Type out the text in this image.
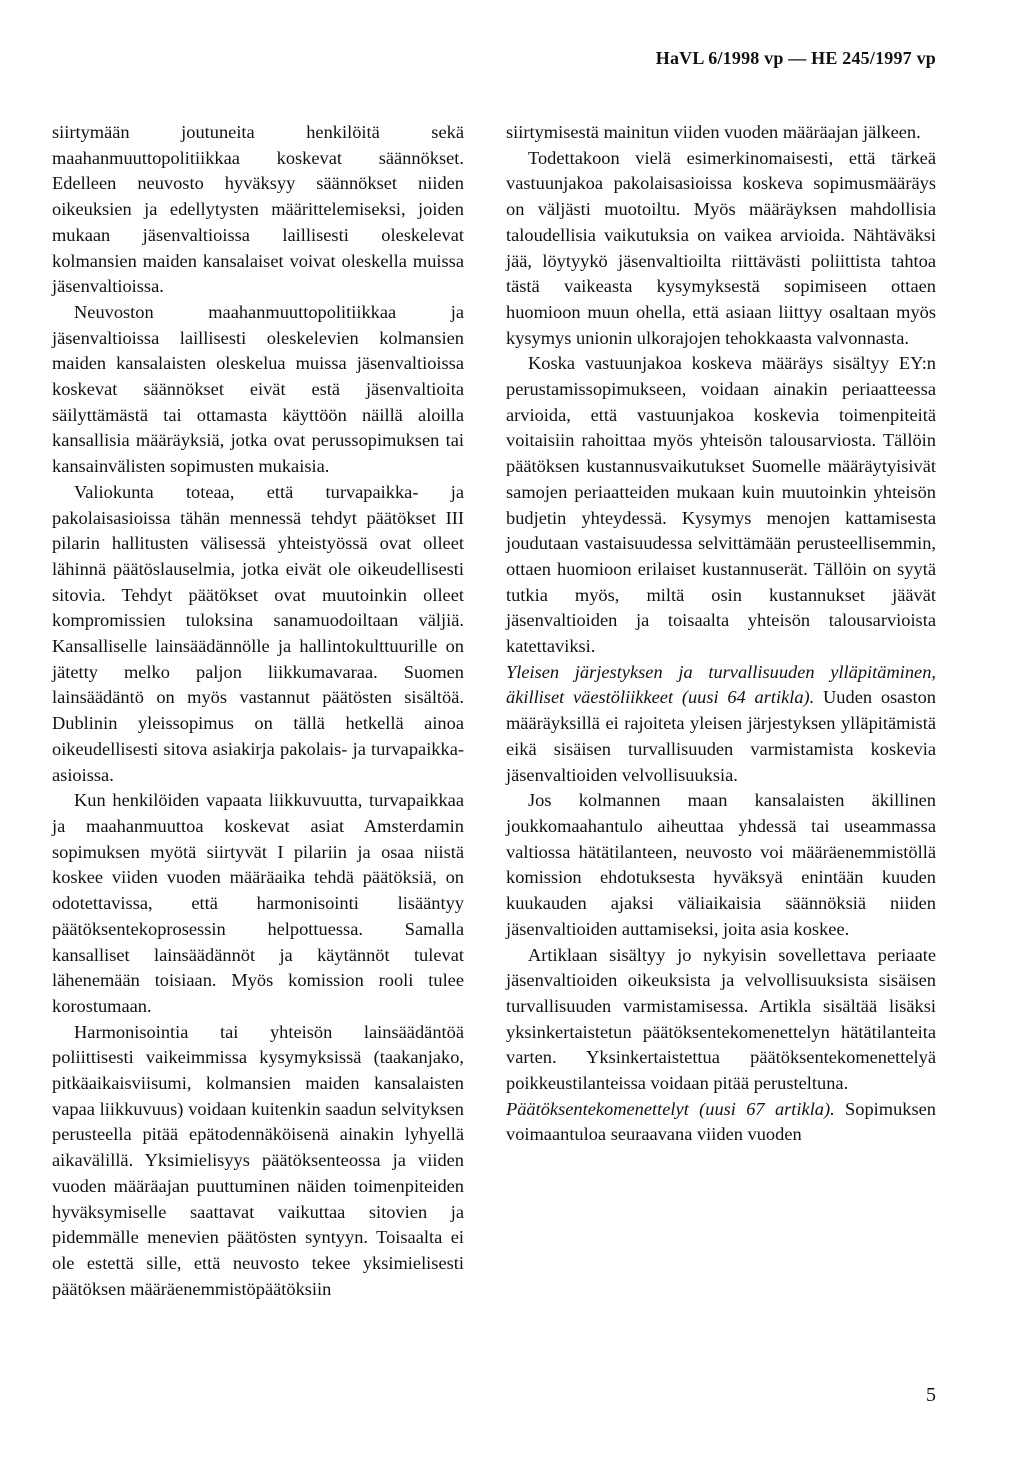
HaVL 6/1998 vp — HE 245/1997 vp

siirtymään joutuneita henkilöitä sekä maahanmuuttopolitiikkaa koskevat säännökset. Edelleen neuvosto hyväksyy säännökset niiden oikeuksien ja edellytysten määrittelemiseksi, joiden mukaan jäsenvaltioissa laillisesti oleskelevat kolmansien maiden kansalaiset voivat oleskella muissa jäsenvaltioissa.

Neuvoston maahanmuuttopolitiikkaa ja jäsenvaltioissa laillisesti oleskelevien kolmansien maiden kansalaisten oleskelua muissa jäsenvaltioissa koskevat säännökset eivät estä jäsenvaltioita säilyttämästä tai ottamasta käyttöön näillä aloilla kansallisia määräyksiä, jotka ovat perussopimuksen tai kansainvälisten sopimusten mukaisia.

Valiokunta toteaa, että turvapaikka- ja pakolaisasioissa tähän mennessä tehdyt päätökset III pilarin hallitusten välisessä yhteistyössä ovat olleet lähinnä päätöslauselmia, jotka eivät ole oikeudellisesti sitovia. Tehdyt päätökset ovat muutoinkin olleet kompromissien tuloksina sanamuodoiltaan väljiä. Kansalliselle lainsäädännölle ja hallintokulttuurille on jätetty melko paljon liikkumavaraa. Suomen lainsäädäntö on myös vastannut päätösten sisältöä. Dublinin yleissopimus on tällä hetkellä ainoa oikeudellisesti sitova asiakirja pakolais- ja turvapaikka-asioissa.

Kun henkilöiden vapaata liikkuvuutta, turvapaikkaa ja maahanmuuttoa koskevat asiat Amsterdamin sopimuksen myötä siirtyvät I pilariin ja osaa niistä koskee viiden vuoden määräaika tehdä päätöksiä, on odotettavissa, että harmonisointi lisääntyy päätöksentekoprosessin helpottuessa. Samalla kansalliset lainsäädännöt ja käytännöt tulevat lähenemään toisiaan. Myös komission rooli tulee korostumaan.

Harmonisointia tai yhteisön lainsäädäntöä poliittisesti vaikeimmissa kysymyksissä (taakanjako, pitkäaikaisviisumi, kolmansien maiden kansalaisten vapaa liikkuvuus) voidaan kuitenkin saadun selvityksen perusteella pitää epätodennäköisenä ainakin lyhyellä aikavälillä. Yksimielisyys päätöksenteossa ja viiden vuoden määräajan puuttuminen näiden toimenpiteiden hyväksymiselle saattavat vaikuttaa sitovien ja pidemmälle menevien päätösten syntyyn. Toisaalta ei ole estettä sille, että neuvosto tekee yksimielisesti päätöksen määräenemmistöpäätöksiin

siirtymisestä mainitun viiden vuoden määräajan jälkeen.

Todettakoon vielä esimerkinomaisesti, että tärkeä vastuunjakoa pakolaisasioissa koskeva sopimusmääräys on väljästi muotoiltu. Myös määräyksen mahdollisia taloudellisia vaikutuksia on vaikea arvioida. Nähtäväksi jää, löytyykö jäsenvaltioilta riittävästi poliittista tahtoa tästä vaikeasta kysymyksestä sopimiseen ottaen huomioon muun ohella, että asiaan liittyy osaltaan myös kysymys unionin ulkorajojen tehokkaasta valvonnasta.

Koska vastuunjakoa koskeva määräys sisältyy EY:n perustamissopimukseen, voidaan ainakin periaatteessa arvioida, että vastuunjakoa koskevia toimenpiteitä voitaisiin rahoittaa myös yhteisön talousarviosta. Tällöin päätöksen kustannusvaikutukset Suomelle määräytyisivät samojen periaatteiden mukaan kuin muutoinkin yhteisön budjetin yhteydessä. Kysymys menojen kattamisesta joudutaan vastaisuudessa selvittämään perusteellisemmin, ottaen huomioon erilaiset kustannuserät. Tällöin on syytä tutkia myös, miltä osin kustannukset jäävät jäsenvaltioiden ja toisaalta yhteisön talousarvioista katettaviksi.

Yleisen järjestyksen ja turvallisuuden ylläpitäminen, äkilliset väestöliikkeet (uusi 64 artikla). Uuden osaston määräyksillä ei rajoiteta yleisen järjestyksen ylläpitämistä eikä sisäisen turvallisuuden varmistamista koskevia jäsenvaltioiden velvollisuuksia.

Jos kolmannen maan kansalaisten äkillinen joukkomaahantulo aiheuttaa yhdessä tai useammassa valtiossa hätätilanteen, neuvosto voi määräenemmistöllä komission ehdotuksesta hyväksyä enintään kuuden kuukauden ajaksi väliaikaisia säännöksiä niiden jäsenvaltioiden auttamiseksi, joita asia koskee.

Artiklaan sisältyy jo nykyisin sovellettava periaate jäsenvaltioiden oikeuksista ja velvollisuuksista sisäisen turvallisuuden varmistamisessa. Artikla sisältää lisäksi yksinkertaistetun päätöksentekomenettelyn hätätilanteita varten. Yksinkertaistettua päätöksentekomenettelyä poikkeustilanteissa voidaan pitää perusteltuna.

Päätöksentekomenettelyt (uusi 67 artikla). Sopimuksen voimaantuloa seuraavana viiden vuoden

5
